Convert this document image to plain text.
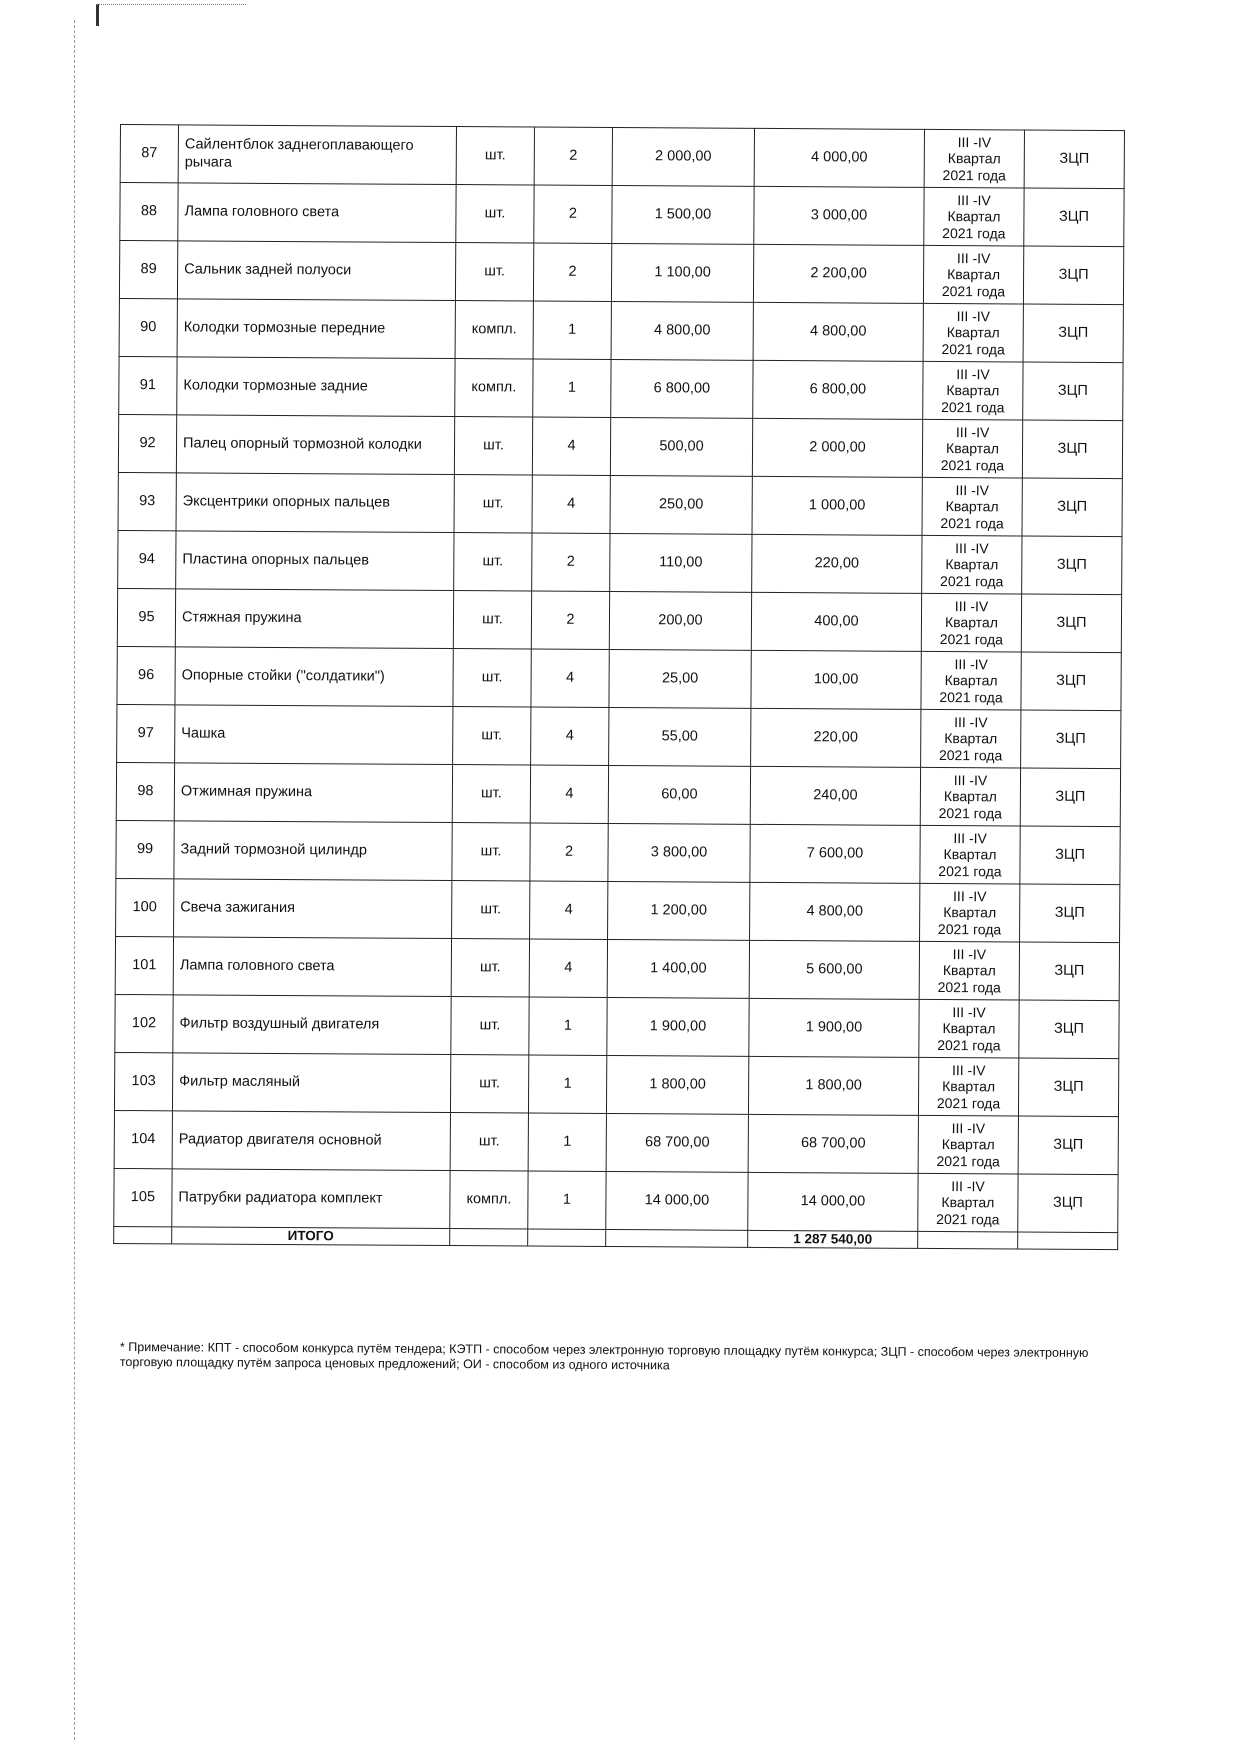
87	Сайлентблок заднегоплавающего рычага	шт.	2	2 000,00	4 000,00	III -IV
Квартал
2021 года	ЗЦП
88	Лампа головного света	шт.	2	1 500,00	3 000,00	III -IV
Квартал
2021 года	ЗЦП
89	Сальник задней полуоси	шт.	2	1 100,00	2 200,00	III -IV
Квартал
2021 года	ЗЦП
90	Колодки тормозные передние	компл.	1	4 800,00	4 800,00	III -IV
Квартал
2021 года	ЗЦП
91	Колодки тормозные задние	компл.	1	6 800,00	6 800,00	III -IV
Квартал
2021 года	ЗЦП
92	Палец опорный тормозной колодки	шт.	4	500,00	2 000,00	III -IV
Квартал
2021 года	ЗЦП
93	Эксцентрики опорных пальцев	шт.	4	250,00	1 000,00	III -IV
Квартал
2021 года	ЗЦП
94	Пластина опорных пальцев	шт.	2	110,00	220,00	III -IV
Квартал
2021 года	ЗЦП
95	Стяжная пружина	шт.	2	200,00	400,00	III -IV
Квартал
2021 года	ЗЦП
96	Опорные стойки ("солдатики")	шт.	4	25,00	100,00	III -IV
Квартал
2021 года	ЗЦП
97	Чашка	шт.	4	55,00	220,00	III -IV
Квартал
2021 года	ЗЦП
98	Отжимная пружина	шт.	4	60,00	240,00	III -IV
Квартал
2021 года	ЗЦП
99	Задний тормозной цилиндр	шт.	2	3 800,00	7 600,00	III -IV
Квартал
2021 года	ЗЦП
100	Свеча зажигания	шт.	4	1 200,00	4 800,00	III -IV
Квартал
2021 года	ЗЦП
101	Лампа головного света	шт.	4	1 400,00	5 600,00	III -IV
Квартал
2021 года	ЗЦП
102	Фильтр воздушный двигателя	шт.	1	1 900,00	1 900,00	III -IV
Квартал
2021 года	ЗЦП
103	Фильтр масляный	шт.	1	1 800,00	1 800,00	III -IV
Квартал
2021 года	ЗЦП
104	Радиатор двигателя основной	шт.	1	68 700,00	68 700,00	III -IV
Квартал
2021 года	ЗЦП
105	Патрубки радиатора комплект	компл.	1	14 000,00	14 000,00	III -IV
Квартал
2021 года	ЗЦП
	ИТОГО				1 287 540,00		
* Примечание: КПТ - способом конкурса путём тендера; КЭТП - способом через электронную торговую площадку путём конкурса; ЗЦП - способом через электронную торговую площадку путём запроса ценовых предложений; ОИ - способом из одного источника
